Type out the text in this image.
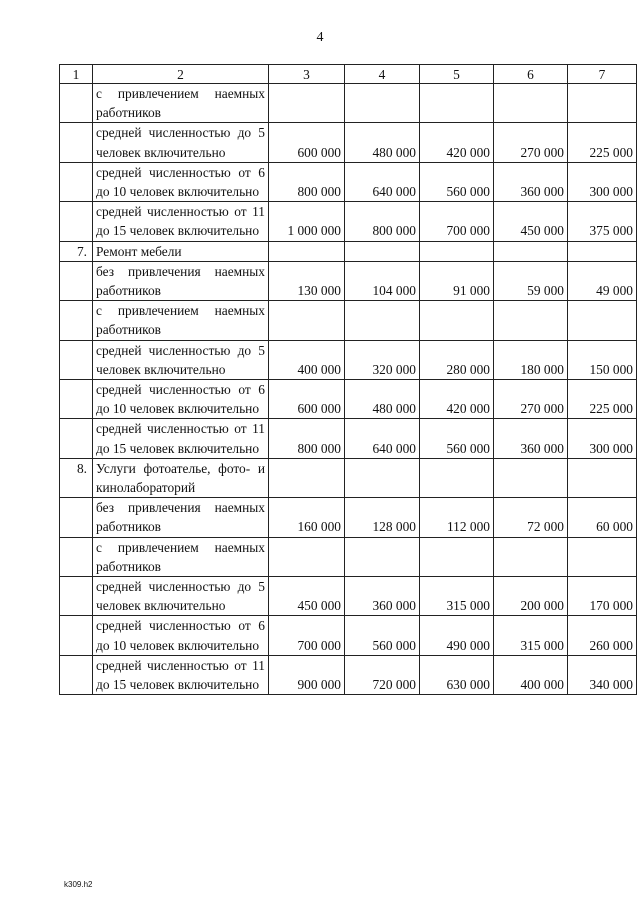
4
1	2	3	4	5	6	7
	с привлечением наемных работников					
	средней численностью до 5 человек включительно	600 000	480 000	420 000	270 000	225 000
	средней численностью от 6 до 10 человек включительно	800 000	640 000	560 000	360 000	300 000
	средней численностью от 11 до 15 человек включительно	1 000 000	800 000	700 000	450 000	375 000
7.	Ремонт мебели					
	без привлечения наемных работников	130 000	104 000	91 000	59 000	49 000
	с привлечением наемных работников					
	средней численностью до 5 человек включительно	400 000	320 000	280 000	180 000	150 000
	средней численностью от 6 до 10 человек включительно	600 000	480 000	420 000	270 000	225 000
	средней численностью от 11 до 15 человек включительно	800 000	640 000	560 000	360 000	300 000
8.	Услуги фотоателье, фото- и кинолабораторий					
	без привлечения наемных работников	160 000	128 000	112 000	72 000	60 000
	с привлечением наемных работников					
	средней численностью до 5 человек включительно	450 000	360 000	315 000	200 000	170 000
	средней численностью от 6 до 10 человек включительно	700 000	560 000	490 000	315 000	260 000
	средней численностью от 11 до 15 человек включительно	900 000	720 000	630 000	400 000	340 000
k309.h2
